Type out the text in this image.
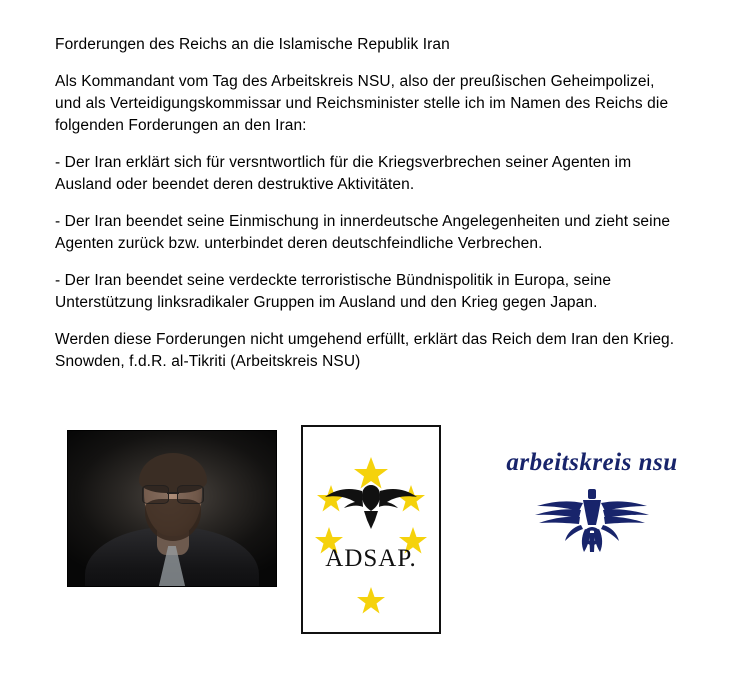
Forderungen des Reichs an die Islamische Republik Iran

Als Kommandant vom Tag des Arbeitskreis NSU, also der preußischen Geheimpolizei, und als Verteidigungskommissar und Reichsminister stelle ich im Namen des Reichs die folgenden Forderungen an den Iran:

- Der Iran erklärt sich für versntwortlich für die Kriegsverbrechen seiner Agenten im Ausland oder beendet deren destruktive Aktivitäten.

- Der Iran beendet seine Einmischung in innerdeutsche Angelegenheiten und zieht seine Agenten zurück bzw. unterbindet deren deutschfeindliche Verbrechen.

- Der Iran beendet seine verdeckte terroristische Bündnispolitik in Europa, seine Unterstützung linksradikaler Gruppen im Ausland und den Krieg gegen Japan.

Werden diese Forderungen nicht umgehend erfüllt, erklärt das Reich dem Iran den Krieg.

Snowden, f.d.R. al-Tikriti (Arbeitskreis NSU)

ADSAP.
arbeitskreis nsu
